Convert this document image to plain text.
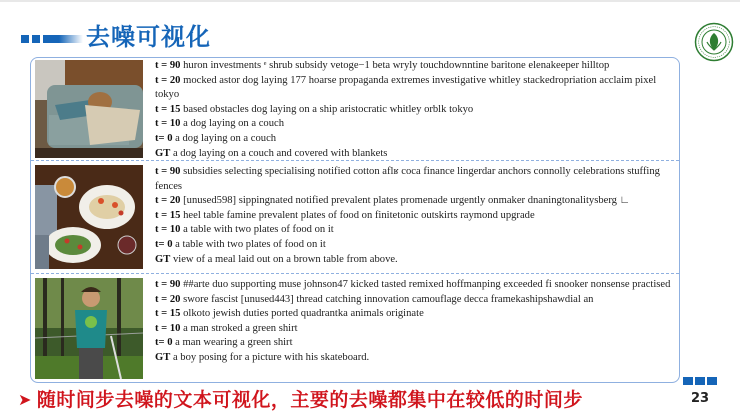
去噪可视化
t = 90 huron investments ᵉ shrub subsidy vetoge−1 beta wryly touchdownntine baritone elenakeeper hilltop
t = 20 mocked astor dog laying 177 hoarse propaganda extremes investigative whitley stackedropriation acclaim pixel tokyo
t = 15 based obstacles dog laying on a ship aristocratic whitley orblk tokyo
t = 10 a dog laying on a couch
t= 0 a dog laying on a couch
GT a dog laying on a couch and covered with blankets
t = 90 subsidies selecting specialising notified cotton aflʁ coca finance lingerdar anchors connolly celebrations stuffing fences
t = 20 [unused598] sippingnated notified prevalent plates promenade urgently onmaker dnaningtonalitysberg ∟
t = 15 heel table famine prevalent plates of food on finitetonic outskirts raymond upgrade
t = 10 a table with two plates of food on it
t= 0 a table with two plates of food on it
GT view of a meal laid out on a brown table from above.
t = 90 ##arte duo supporting muse johnson47 kicked tasted remixed hoffmanping exceeded fi snooker nonsense practised
t = 20 swore fascist [unused443] thread catching innovation camouflage decca framekashipshawdial an
t = 15 olkoto jewish duties ported quadrantka animals originate
t = 10 a man stroked a green shirt
t= 0 a man wearing a green shirt
GT a boy posing for a picture with his skateboard.
➤ 随时间步去噪的文本可视化，主要的去噪都集中在较低的时间步	23
